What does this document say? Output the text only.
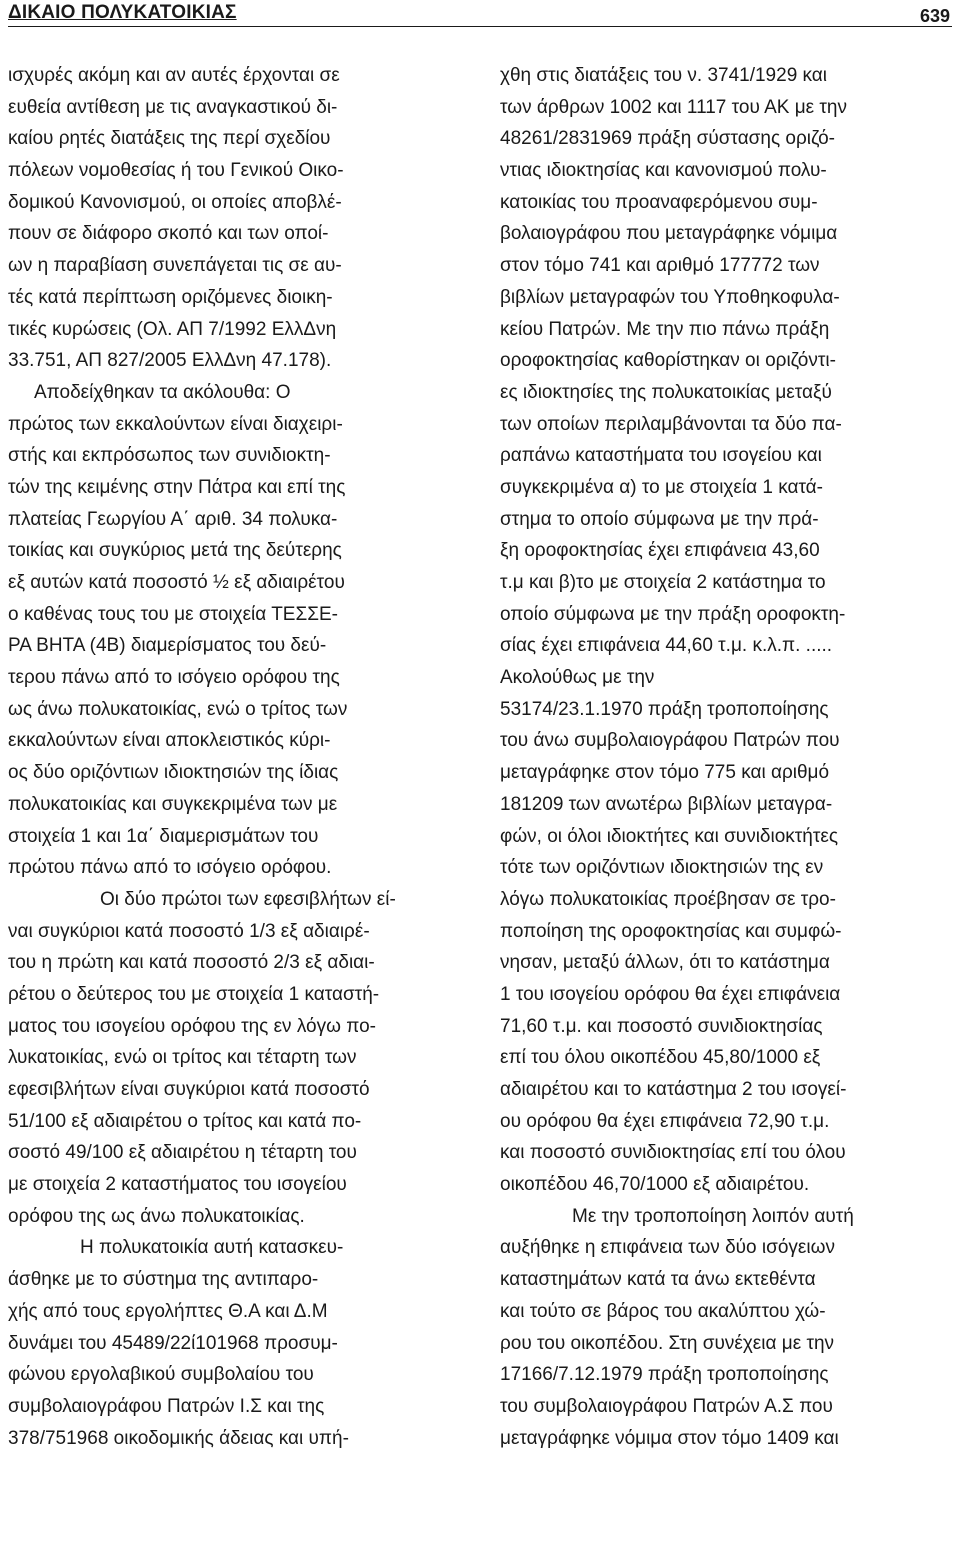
ΔΙΚΑΙΟ ΠΟΛΥΚΑΤΟΙΚΙΑΣ	639
ισχυρές ακόμη και αν αυτές έρχονται σε
ευθεία αντίθεση με τις αναγκαστικού δι-
καίου ρητές διατάξεις της περί σχεδίου
πόλεων νομοθεσίας ή του Γενικού Οικο-
δομικού Κανονισμού, οι οποίες αποβλέ-
πουν σε διάφορο σκοπό και των οποί-
ων η παραβίαση συνεπάγεται τις σε αυ-
τές κατά περίπτωση οριζόμενες διοικη-
τικές κυρώσεις (Ολ. ΑΠ 7/1992 ΕλλΔνη
33.751, ΑΠ 827/2005 ΕλλΔνη 47.178).
Αποδείχθηκαν τα ακόλουθα: Ο
πρώτος των εκκαλούντων είναι διαχειρι-
στής και εκπρόσωπος των συνιδιοκτη-
τών της κειμένης στην Πάτρα και επί της
πλατείας Γεωργίου Α΄ αριθ. 34 πολυκα-
τοικίας και συγκύριος μετά της δεύτερης
εξ αυτών κατά ποσοστό ½ εξ αδιαιρέτου
ο καθένας τους του με στοιχεία ΤΕΣΣΕ-
ΡΑ ΒΗΤΑ (4Β) διαμερίσματος του δεύ-
τερου πάνω από το ισόγειο ορόφου της
ως άνω πολυκατοικίας, ενώ ο τρίτος των
εκκαλούντων είναι αποκλειστικός κύρι-
ος δύο οριζόντιων ιδιοκτησιών της ίδιας
πολυκατοικίας και συγκεκριμένα των με
στοιχεία 1 και 1α΄ διαμερισμάτων του
πρώτου πάνω από το ισόγειο ορόφου.
Οι δύο πρώτοι των εφεσιβλήτων εί-
ναι συγκύριοι κατά ποσοστό 1/3 εξ αδιαιρέ-
του η πρώτη και κατά ποσοστό 2/3 εξ αδιαι-
ρέτου ο δεύτερος του με στοιχεία 1 καταστή-
ματος του ισογείου ορόφου της εν λόγω πο-
λυκατοικίας, ενώ οι τρίτος και τέταρτη των
εφεσιβλήτων είναι συγκύριοι κατά ποσοστό
51/100 εξ αδιαιρέτου ο τρίτος και κατά πο-
σοστό 49/100 εξ αδιαιρέτου η τέταρτη του
με στοιχεία 2 καταστήματος του ισογείου
ορόφου της ως άνω πολυκατοικίας.
Η πολυκατοικία αυτή κατασκευ-
άσθηκε με το σύστημα της αντιπαρο-
χής από τους εργολήπτες Θ.Α και Δ.Μ
δυνάμει του 45489/22ί101968 προσυμ-
φώνου εργολαβικού συμβολαίου του
συμβολαιογράφου Πατρών Ι.Σ και της
378/751968 οικοδομικής άδειας και υπή-
χθη στις διατάξεις του ν. 3741/1929 και
των άρθρων 1002 και 1117 του ΑΚ με την
48261/2831969 πράξη σύστασης οριζό-
ντιας ιδιοκτησίας και κανονισμού πολυ-
κατοικίας του προαναφερόμενου συμ-
βολαιογράφου που μεταγράφηκε νόμιμα
στον τόμο 741 και αριθμό 177772 των
βιβλίων μεταγραφών του Υποθηκοφυλα-
κείου Πατρών. Με την πιο πάνω πράξη
οροφοκτησίας καθορίστηκαν οι οριζόντι-
ες ιδιοκτησίες της πολυκατοικίας μεταξύ
των οποίων περιλαμβάνονται τα δύο πα-
ραπάνω καταστήματα του ισογείου και
συγκεκριμένα α) το με στοιχεία 1 κατά-
στημα το οποίο σύμφωνα με την πρά-
ξη οροφοκτησίας έχει επιφάνεια 43,60
τ.μ και β)το με στοιχεία 2 κατάστημα το
οποίο σύμφωνα με την πράξη οροφοκτη-
σίας έχει επιφάνεια 44,60 τ.μ. κ.λ.π. .....
Ακολούθως με την
53174/23.1.1970 πράξη τροποποίησης
του άνω συμβολαιογράφου Πατρών που
μεταγράφηκε στον τόμο 775 και αριθμό
181209 των ανωτέρω βιβλίων μεταγρα-
φών, οι όλοι ιδιοκτήτες και συνιδιοκτήτες
τότε των οριζόντιων ιδιοκτησιών της εν
λόγω πολυκατοικίας προέβησαν σε τρο-
ποποίηση της οροφοκτησίας και συμφώ-
νησαν, μεταξύ άλλων, ότι το κατάστημα
1 του ισογείου ορόφου θα έχει επιφάνεια
71,60 τ.μ. και ποσοστό συνιδιοκτησίας
επί του όλου οικοπέδου 45,80/1000 εξ
αδιαιρέτου και το κατάστημα 2 του ισογεί-
ου ορόφου θα έχει επιφάνεια 72,90 τ.μ.
και ποσοστό συνιδιοκτησίας επί του όλου
οικοπέδου 46,70/1000 εξ αδιαιρέτου.
Με την τροποποίηση λοιπόν αυτή
αυξήθηκε η επιφάνεια των δύο ισόγειων
καταστημάτων κατά τα άνω εκτεθέντα
και τούτο σε βάρος του ακαλύπτου χώ-
ρου του οικοπέδου. Στη συνέχεια με την
17166/7.12.1979 πράξη τροποποίησης
του συμβολαιογράφου Πατρών Α.Σ που
μεταγράφηκε νόμιμα στον τόμο 1409 και
